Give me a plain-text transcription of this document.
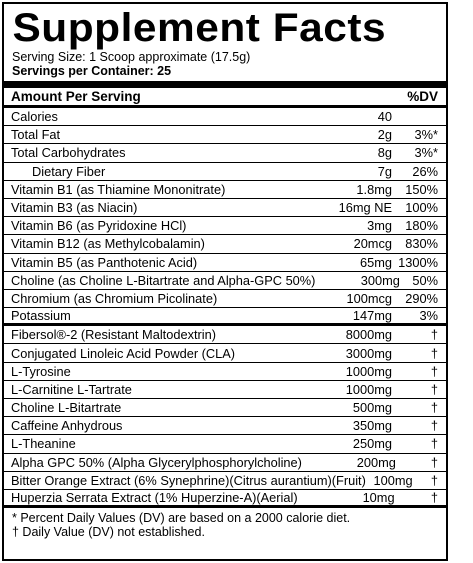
Supplement Facts
Serving Size: 1 Scoop approximate (17.5g)
Servings per Container: 25
Amount Per Serving	%DV
Calories	40
Total Fat	2g	3%*
Total Carbohydrates	8g	3%*
Dietary Fiber	7g	26%
Vitamin B1 (as Thiamine Mononitrate)	1.8mg	150%
Vitamin B3 (as Niacin)	16mg NE	100%
Vitamin B6 (as Pyridoxine HCl)	3mg	180%
Vitamin B12 (as Methylcobalamin)	20mcg	830%
Vitamin B5 (as Panthotenic Acid)	65mg 1300%
Choline (as Choline L-Bitartrate and Alpha-GPC 50%)	300mg 50%
Chromium (as Chromium Picolinate)	100mcg	290%
Potassium	147mg	3%
Fibersol®-2 (Resistant Maltodextrin)	8000mg	†
Conjugated Linoleic Acid Powder (CLA)	3000mg	†
L-Tyrosine	1000mg	†
L-Carnitine L-Tartrate	1000mg	†
Choline L-Bitartrate	500mg	†
Caffeine Anhydrous	350mg	†
L-Theanine	250mg	†
Alpha GPC 50% (Alpha Glycerylphosphorylcholine)	200mg	†
Bitter Orange Extract (6% Synephrine)(Citrus aurantium)(Fruit) 100mg	†
Huperzia Serrata Extract (1% Huperzine-A)(Aerial)	10mg	†
* Percent Daily Values (DV) are based on a 2000 calorie diet.
† Daily Value (DV) not established.
